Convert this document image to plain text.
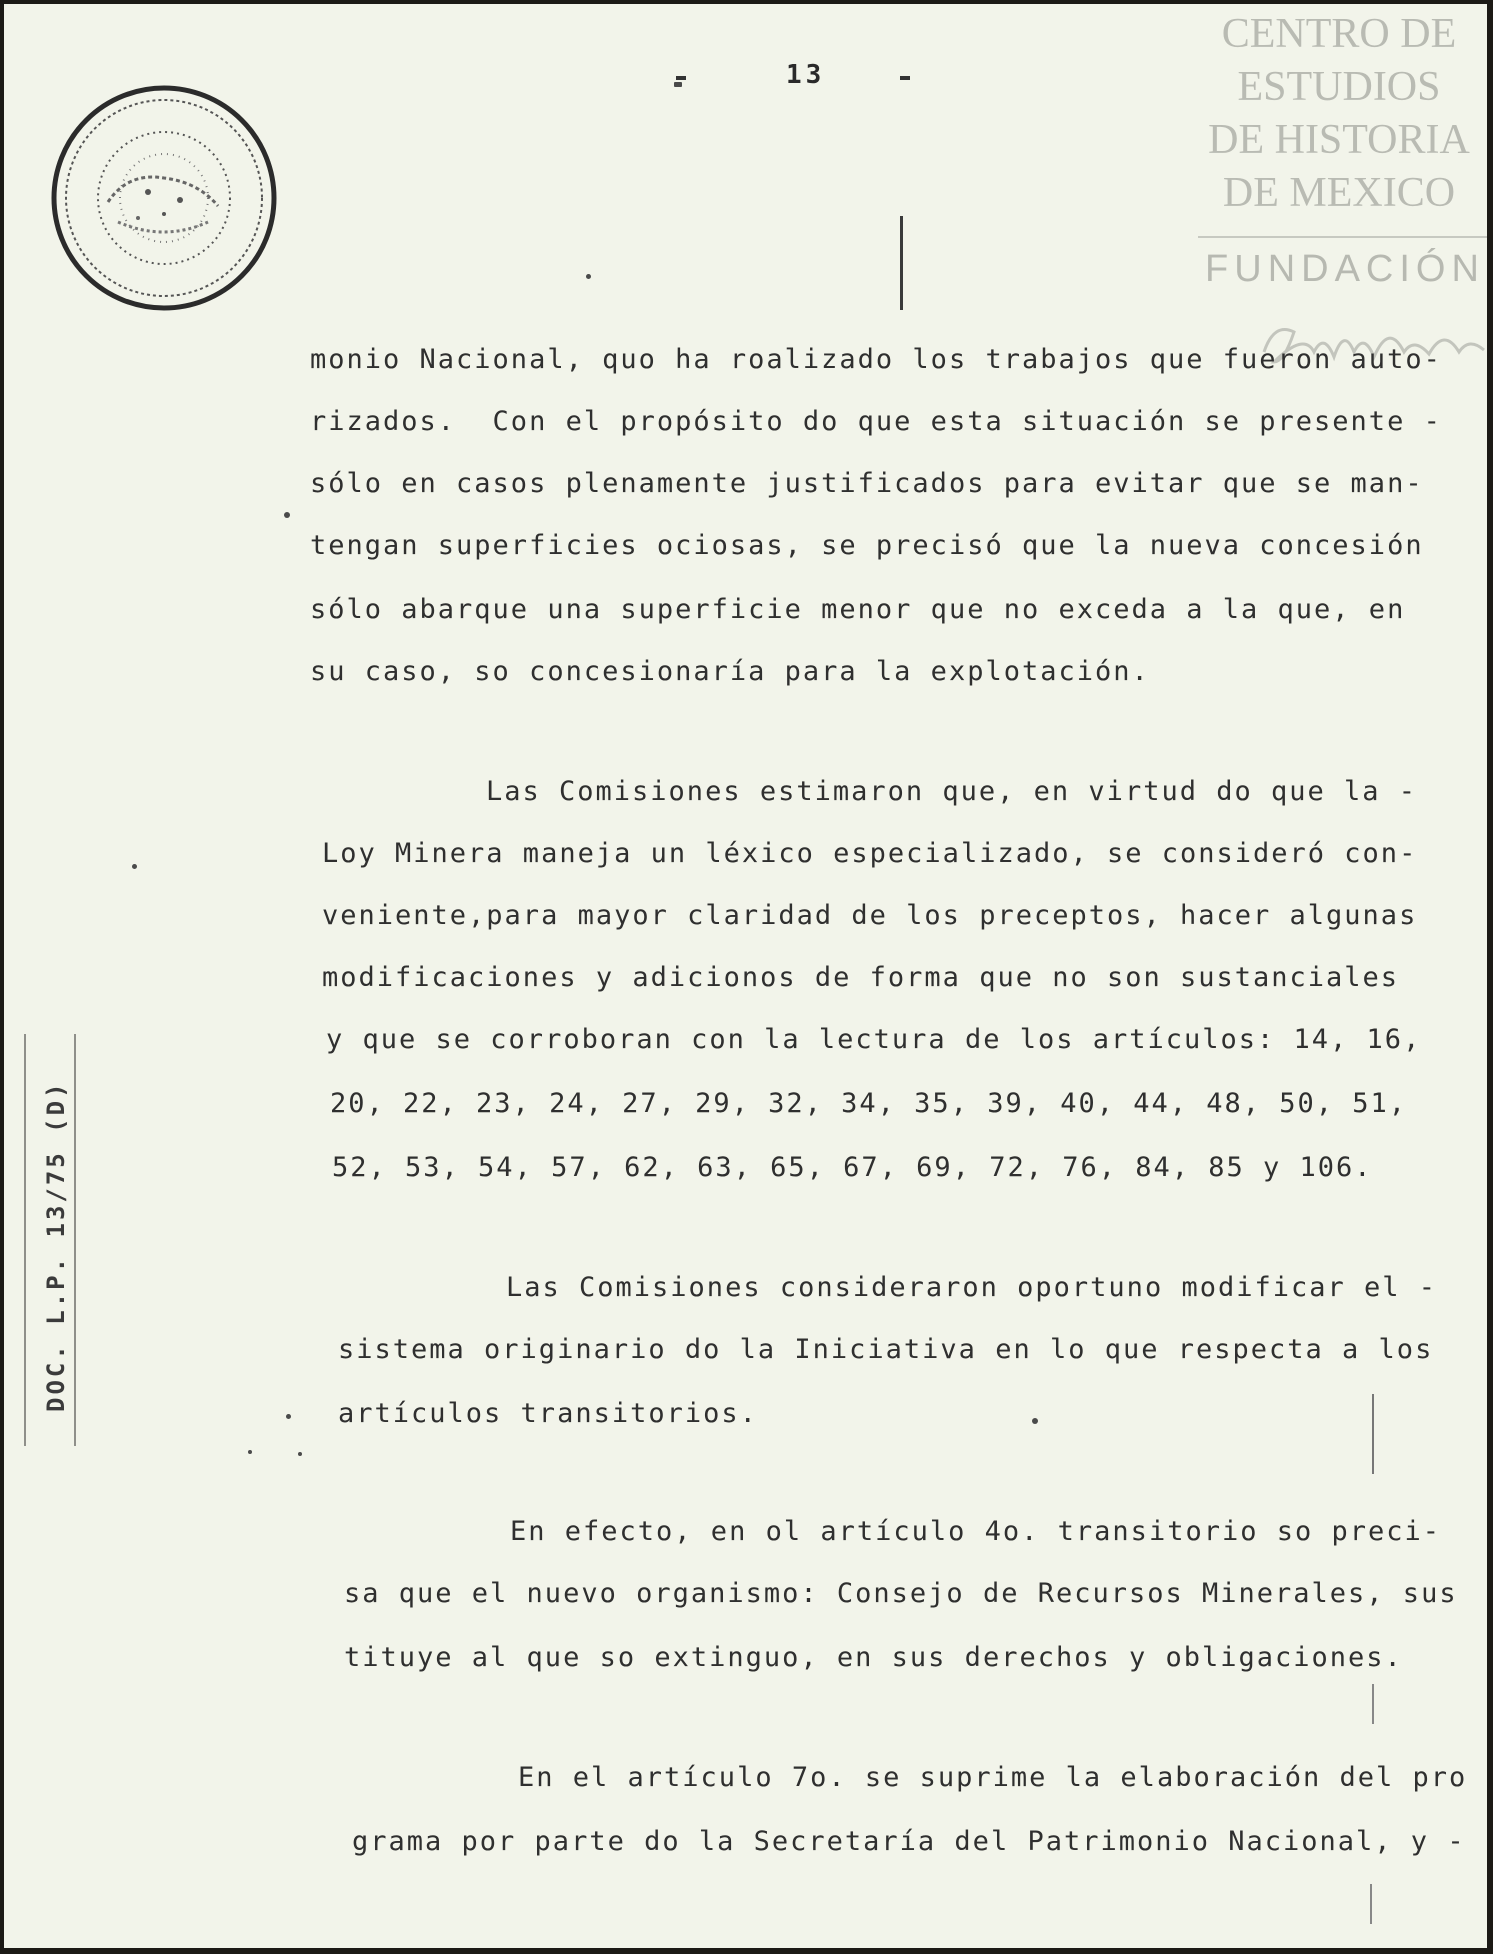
13
CENTRO DE
ESTUDIOS
DE HISTORIA
DE MEXICO
FUNDACIÓN
DOC. L.P. 13/75 (D)
monio Nacional, quo ha roalizado los trabajos que fueron auto-
rizados.  Con el propósito do que esta situación se presente -
sólo en casos plenamente justificados para evitar que se man-
tengan superficies ociosas, se precisó que la nueva concesión
sólo abarque una superficie menor que no exceda a la que, en
su caso, so concesionaría para la explotación.
Las Comisiones estimaron que, en virtud do que la -
Loy Minera maneja un léxico especializado, se consideró con-
veniente,para mayor claridad de los preceptos, hacer algunas
modificaciones y adicionos de forma que no son sustanciales
y que se corroboran con la lectura de los artículos: 14, 16,
20, 22, 23, 24, 27, 29, 32, 34, 35, 39, 40, 44, 48, 50, 51,
52, 53, 54, 57, 62, 63, 65, 67, 69, 72, 76, 84, 85 y 106.
Las Comisiones consideraron oportuno modificar el -
sistema originario do la Iniciativa en lo que respecta a los
artículos transitorios.
En efecto, en ol artículo 4o. transitorio so preci-
sa que el nuevo organismo: Consejo de Recursos Minerales, sus
tituye al que so extinguo, en sus derechos y obligaciones.
En el artículo 7o. se suprime la elaboración del pro
grama por parte do la Secretaría del Patrimonio Nacional, y -
